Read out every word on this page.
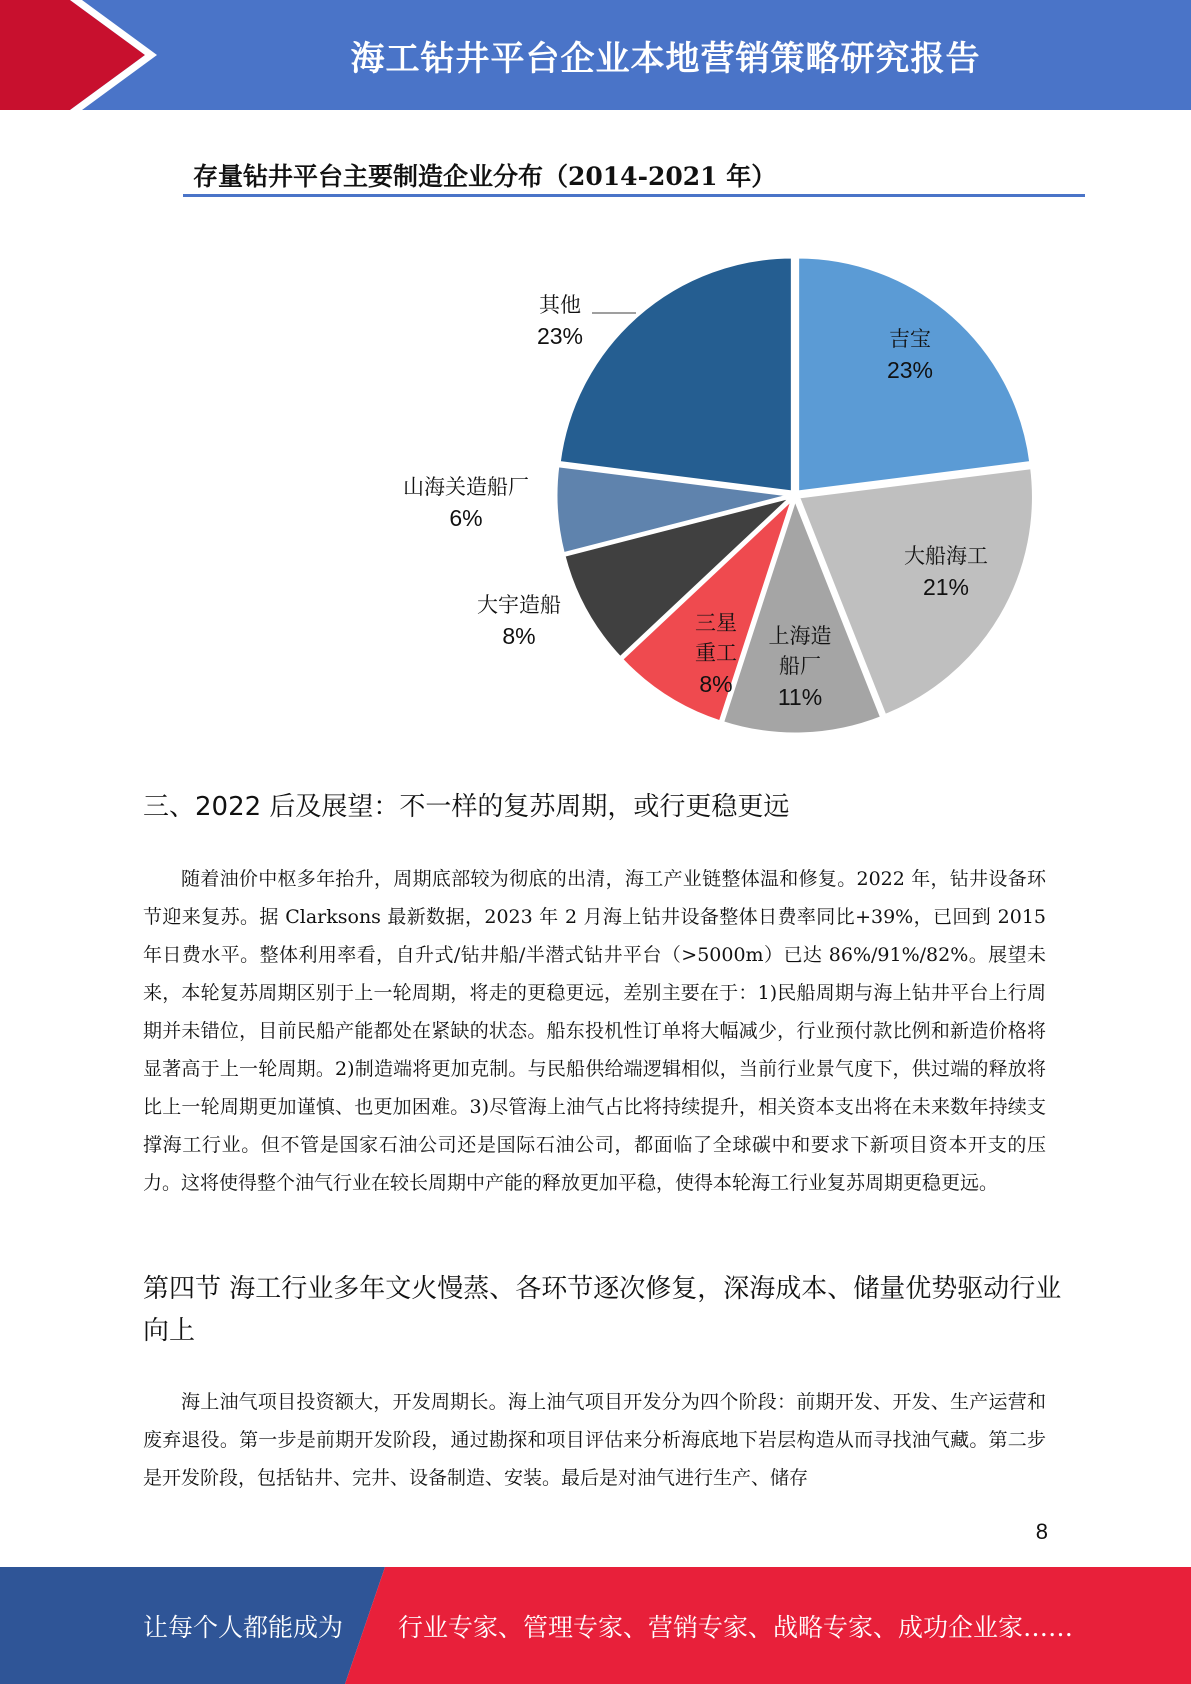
海工钻井平台企业本地营销策略研究报告
存量钻井平台主要制造企业分布（2014-2021 年）
吉宝
23%
大船海工
21%
上海造船厂
11%
三星重工
8%
大宇造船
8%
山海关造船厂
6%
其他
23%
三、2022 后及展望：不一样的复苏周期，或行更稳更远

随着油价中枢多年抬升，周期底部较为彻底的出清，海工产业链整体温和修复。2022 年，钻井设备环节迎来复苏。据 Clarksons 最新数据，2023 年 2 月海上钻井设备整体日费率同比+39%，已回到 2015 年日费水平。整体利用率看，自升式/钻井船/半潜式钻井平台（>5000m）已达 86%/91%/82%。展望未来，本轮复苏周期区别于上一轮周期，将走的更稳更远，差别主要在于：1)民船周期与海上钻井平台上行周期并未错位，目前民船产能都处在紧缺的状态。船东投机性订单将大幅减少，行业预付款比例和新造价格将显著高于上一轮周期。2)制造端将更加克制。与民船供给端逻辑相似，当前行业景气度下，供过端的释放将比上一轮周期更加谨慎、也更加困难。3)尽管海上油气占比将持续提升，相关资本支出将在未来数年持续支撑海工行业。但不管是国家石油公司还是国际石油公司，都面临了全球碳中和要求下新项目资本开支的压力。这将使得整个油气行业在较长周期中产能的释放更加平稳，使得本轮海工行业复苏周期更稳更远。

第四节 海工行业多年文火慢蒸、各环节逐次修复，深海成本、储量优势驱动行业向上

海上油气项目投资额大，开发周期长。海上油气项目开发分为四个阶段：前期开发、开发、生产运营和废弃退役。第一步是前期开发阶段，通过勘探和项目评估来分析海底地下岩层构造从而寻找油气藏。第二步是开发阶段，包括钻井、完井、设备制造、安装。最后是对油气进行生产、储存

8
让每个人都能成为 行业专家、管理专家、营销专家、战略专家、成功企业家……
